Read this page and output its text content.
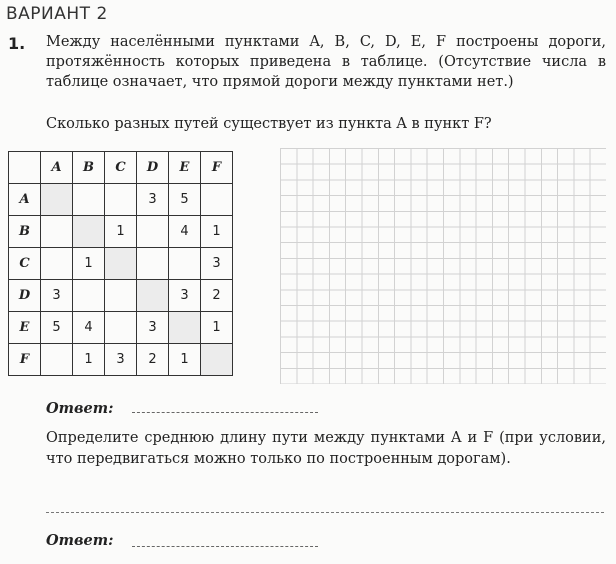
ВАРИАНТ 2
1. Между населёнными пунктами A, B, C, D, E, F построены дороги, протяжённость которых приведена в таблице. (Отсутствие числа в таблице означает, что прямой дороги между пунктами нет.)
Сколько разных путей существует из пункта A в пункт F?
	A	B	C	D	E	F
A				3	5	
B			1		4	1
C		1				3
D	3				3	2
E	5	4		3		1
F		1	3	2	1	
Ответ:
Определите среднюю длину пути между пунктами A и F (при условии, что передвигаться можно только по построенным дорогам).
Ответ:
